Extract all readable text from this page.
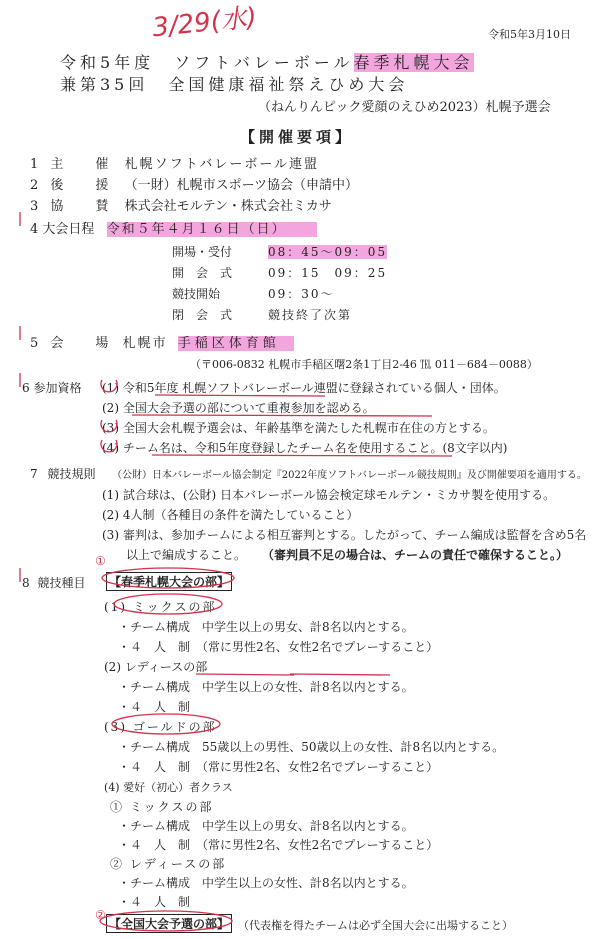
3/29(水)	令和5年3月10日
令和5年度　ソフトバレーボール春季札幌大会
兼第35回　全国健康福祉祭えひめ大会
（ねんりんピック愛顔のえひめ2023）札幌予選会
【開催要項】
1 主　　催 札幌ソフトバレーボール連盟
2 後　　援 （一財）札幌市スポーツ協会（申請中）
3 協　　賛 株式会社モルテン・株式会社ミカサ
4 大会日程 令和５年４月１６日（日）
開場・受付	08：45～09：05
開　会　式	09：15　09：25
競技開始	09：30～
閉　会　式	競技終了次第
5 会　　場 札幌市 手稲区体育館
（〒006-0832 札幌市手稲区曙2条1丁目2-46 ℡ 011－684－0088）
6 参加資格 (1) 令和5年度 札幌ソフトバレーボール連盟に登録されている個人・団体。
(2) 全国大会予選の部について重複参加を認める。
(3) 全国大会札幌予選会は、年齢基準を満たした札幌市在住の方とする。
(4) チーム名は、令和5年度登録したチーム名を使用すること。(8文字以内)
7 競技規則 （公財）日本バレーボール協会制定『2022年度ソフトバレーボール競技規則』及び開催要項を適用する。
(1) 試合球は、(公財) 日本バレーボール協会検定球モルテン・ミカサ製を使用する。
(2) 4人制（各種目の条件を満たしていること）
(3) 審判は、参加チームによる相互審判とする。したがって、チーム編成は監督を含め5名
以上で編成すること。 （審判員不足の場合は、チームの責任で確保すること。）
8 競技種目 【春季札幌大会の部】
①
(1) ミックスの部
・チーム構成　中学生以上の男女、計8名以内とする。
・４　人　制　（常に男性2名、女性2名でプレーすること）
(2) レディースの部
・チーム構成　中学生以上の女性、計8名以内とする。
・４　人　制
(3) ゴールドの部
・チーム構成　55歳以上の男性、50歳以上の女性、計8名以内とする。
・４　人　制　（常に男性2名、女性2名でプレーすること）
(4) 愛好（初心）者クラス
① ミックスの部
・チーム構成　中学生以上の男女、計8名以内とする。
・４　人　制　（常に男性2名、女性2名でプレーすること）
② レディースの部
・チーム構成　中学生以上の女性、計8名以内とする。
・４　人　制
②
【全国大会予選の部】 （代表権を得たチームは必ず全国大会に出場すること）
